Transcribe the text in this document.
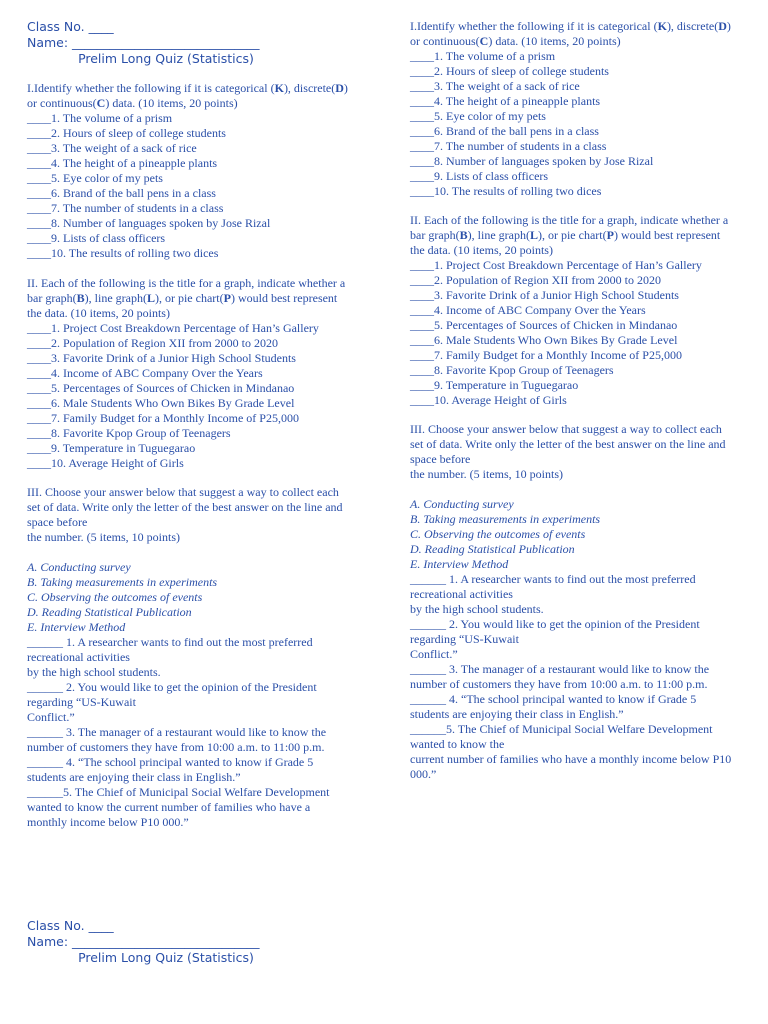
Class No. ____
Name: ______________________________
Prelim Long Quiz (Statistics)
I.Identify whether the following if it is categorical (K), discrete(D)
or continuous(C) data. (10 items, 20 points)
____1. The volume of a prism
____2. Hours of sleep of college students
____3. The weight of a sack of rice
____4. The height of a pineapple plants
____5. Eye color of my pets
____6. Brand of the ball pens in a class
____7. The number of students in a class
____8. Number of languages spoken by Jose Rizal
____9. Lists of class officers
____10. The results of rolling two dices
II. Each of the following is the title for a graph, indicate whether a
bar graph(B), line graph(L), or pie chart(P) would best represent
the data. (10 items, 20 points)
____1. Project Cost Breakdown Percentage of Han’s Gallery
____2. Population of Region XII from 2000 to 2020
____3. Favorite Drink of a Junior High School Students
____4. Income of ABC Company Over the Years
____5. Percentages of Sources of Chicken in Mindanao
____6. Male Students Who Own Bikes By Grade Level
____7. Family Budget for a Monthly Income of P25,000
____8. Favorite Kpop Group of Teenagers
____9. Temperature in Tuguegarao
____10. Average Height of Girls
III. Choose your answer below that suggest a way to collect each
set of data. Write only the letter of the best answer on the line and
space before
the number. (5 items, 10 points)
A. Conducting survey
B. Taking measurements in experiments
C. Observing the outcomes of events
D. Reading Statistical Publication
E. Interview Method
______ 1. A researcher wants to find out the most preferred
recreational activities
by the high school students.
______ 2. You would like to get the opinion of the President
regarding “US-Kuwait
Conflict.”
______ 3. The manager of a restaurant would like to know the
number of customers they have from 10:00 a.m. to 11:00 p.m.
______ 4. “The school principal wanted to know if Grade 5
students are enjoying their class in English.”
______5. The Chief of Municipal Social Welfare Development
wanted to know the current number of families who have a
monthly income below P10 000.”
Class No. ____
Name: ______________________________
Prelim Long Quiz (Statistics)
I.Identify whether the following if it is categorical (K), discrete(D)
or continuous(C) data. (10 items, 20 points)
____1. The volume of a prism
____2. Hours of sleep of college students
____3. The weight of a sack of rice
____4. The height of a pineapple plants
____5. Eye color of my pets
____6. Brand of the ball pens in a class
____7. The number of students in a class
____8. Number of languages spoken by Jose Rizal
____9. Lists of class officers
____10. The results of rolling two dices
II. Each of the following is the title for a graph, indicate whether a
bar graph(B), line graph(L), or pie chart(P) would best represent
the data. (10 items, 20 points)
____1. Project Cost Breakdown Percentage of Han’s Gallery
____2. Population of Region XII from 2000 to 2020
____3. Favorite Drink of a Junior High School Students
____4. Income of ABC Company Over the Years
____5. Percentages of Sources of Chicken in Mindanao
____6. Male Students Who Own Bikes By Grade Level
____7. Family Budget for a Monthly Income of P25,000
____8. Favorite Kpop Group of Teenagers
____9. Temperature in Tuguegarao
____10. Average Height of Girls
III. Choose your answer below that suggest a way to collect each
set of data. Write only the letter of the best answer on the line and
space before
the number. (5 items, 10 points)
A. Conducting survey
B. Taking measurements in experiments
C. Observing the outcomes of events
D. Reading Statistical Publication
E. Interview Method
______ 1. A researcher wants to find out the most preferred
recreational activities
by the high school students.
______ 2. You would like to get the opinion of the President
regarding “US-Kuwait
Conflict.”
______ 3. The manager of a restaurant would like to know the
number of customers they have from 10:00 a.m. to 11:00 p.m.
______ 4. “The school principal wanted to know if Grade 5
students are enjoying their class in English.”
______5. The Chief of Municipal Social Welfare Development
wanted to know the
current number of families who have a monthly income below P10
000.”
